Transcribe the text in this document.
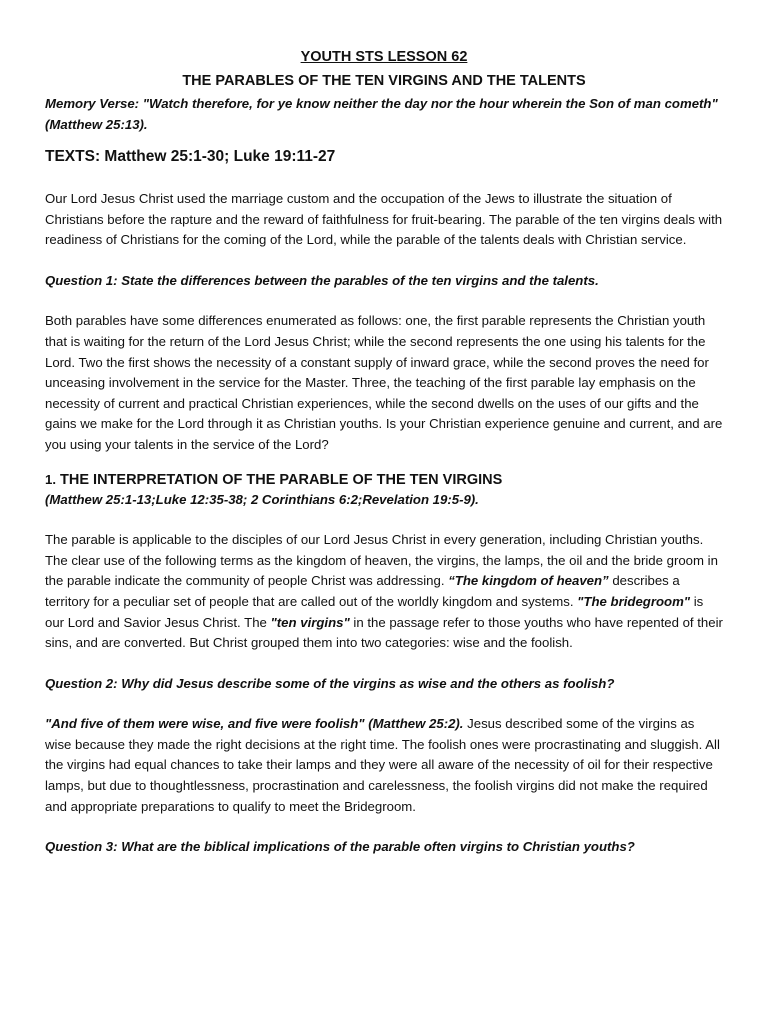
YOUTH STS LESSON 62

THE PARABLES OF THE TEN VIRGINS AND THE TALENTS

Memory Verse: "Watch therefore, for ye know neither the day nor the hour wherein the Son of man cometh" (Matthew 25:13).

TEXTS: Matthew 25:1-30; Luke 19:11-27

Our Lord Jesus Christ used the marriage custom and the occupation of the Jews to illustrate the situation of Christians before the rapture and the reward of faithfulness for fruit-bearing. The parable of the ten virgins deals with readiness of Christians for the coming of the Lord, while the parable of the talents deals with Christian service.

Question 1: State the differences between the parables of the ten virgins and the talents.

Both parables have some differences enumerated as follows: one, the first parable represents the Christian youth that is waiting for the return of the Lord Jesus Christ; while the second represents the one using his talents for the Lord. Two the first shows the necessity of a constant supply of inward grace, while the second proves the need for unceasing involvement in the service for the Master. Three, the teaching of the first parable lay emphasis on the necessity of current and practical Christian experiences, while the second dwells on the uses of our gifts and the gains we make for the Lord through it as Christian youths. Is your Christian experience genuine and current, and are you using your talents in the service of the Lord?

1. THE INTERPRETATION OF THE PARABLE OF THE TEN VIRGINS

(Matthew 25:1-13;Luke 12:35-38; 2 Corinthians 6:2;Revelation 19:5-9).

The parable is applicable to the disciples of our Lord Jesus Christ in every generation, including Christian youths. The clear use of the following terms as the kingdom of heaven, the virgins, the lamps, the oil and the bride groom in the parable indicate the community of people Christ was addressing. “The kingdom of heaven” describes a territory for a peculiar set of people that are called out of the worldly kingdom and systems. "The bridegroom" is our Lord and Savior Jesus Christ. The "ten virgins" in the passage refer to those youths who have repented of their sins, and are converted. But Christ grouped them into two categories: wise and the foolish.

Question 2: Why did Jesus describe some of the virgins as wise and the others as foolish?

"And five of them were wise, and five were foolish" (Matthew 25:2). Jesus described some of the virgins as wise because they made the right decisions at the right time. The foolish ones were procrastinating and sluggish. All the virgins had equal chances to take their lamps and they were all aware of the necessity of oil for their respective lamps, but due to thoughtlessness, procrastination and carelessness, the foolish virgins did not make the required and appropriate preparations to qualify to meet the Bridegroom.

Question 3: What are the biblical implications of the parable often virgins to Christian youths?
